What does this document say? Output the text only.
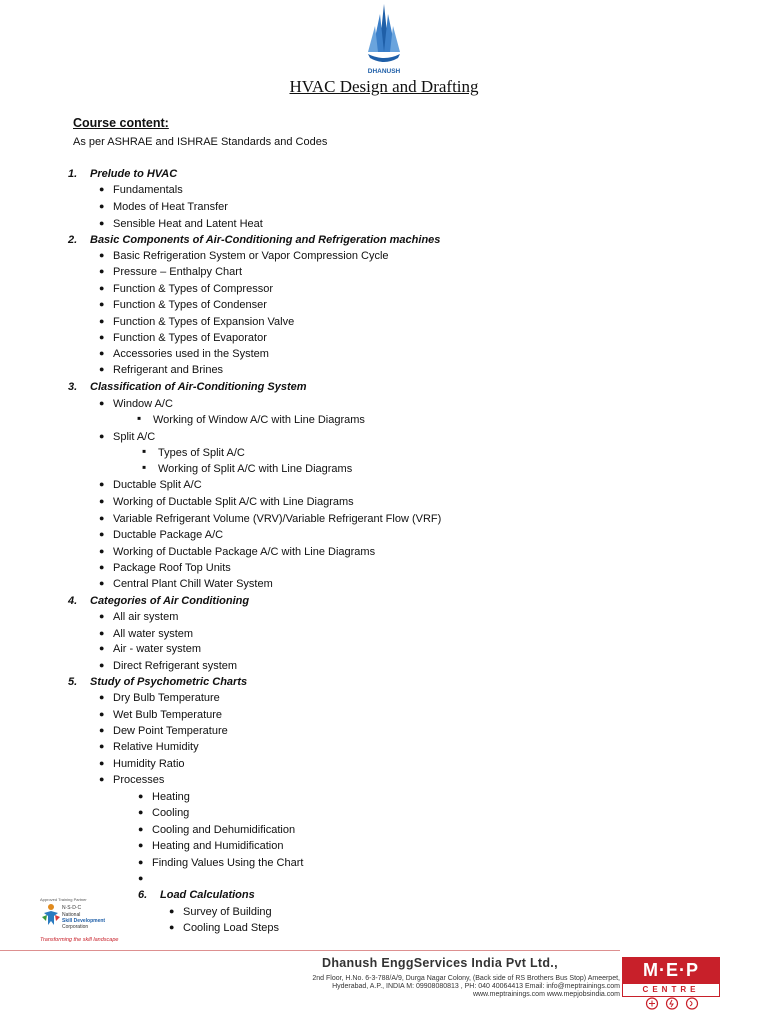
DHANUSH
HVAC Design and Drafting
Course content:
As per ASHRAE and ISHRAE Standards and Codes
1. Prelude to HVAC
● Fundamentals
● Modes of Heat Transfer
● Sensible Heat and Latent Heat
2. Basic Components of Air-Conditioning and Refrigeration machines
● Basic Refrigeration System or Vapor Compression Cycle
● Pressure – Enthalpy Chart
● Function & Types of Compressor
● Function & Types of Condenser
● Function & Types of Expansion Valve
● Function & Types of Evaporator
● Accessories used in the System
● Refrigerant and Brines
3. Classification of Air-Conditioning System
● Window A/C
▪ Working of Window A/C with Line Diagrams
● Split A/C
▪ Types of Split A/C
▪ Working of Split A/C with Line Diagrams
● Ductable Split A/C
● Working of Ductable Split A/C with Line Diagrams
● Variable Refrigerant Volume (VRV)/Variable Refrigerant Flow (VRF)
● Ductable Package A/C
● Working of Ductable Package A/C with Line Diagrams
● Package Roof Top Units
● Central Plant Chill Water System
4. Categories of Air Conditioning
● All air system
● All water system
● Air - water system
● Direct Refrigerant system
5. Study of Psychometric Charts
● Dry Bulb Temperature
● Wet Bulb Temperature
● Dew Point Temperature
● Relative Humidity
● Humidity Ratio
● Processes
● Heating
● Cooling
● Cooling and Dehumidification
● Heating and Humidification
● Finding Values Using the Chart
6. Load Calculations
● Survey of Building
● Cooling Load Steps
Approved Training Partner
N·S·D·C
National
Skill Development
Corporation
Transforming the skill landscape
Dhanush EnggServices India Pvt Ltd.,
2nd Floor, H.No. 6-3-788/A/9, Durga Nagar Colony, (Back side of RS Brothers Bus Stop) Ameerpet,
Hyderabad, A.P., INDIA M: 09908080813 , PH: 040 40064413 Email: info@meptrainings.com
www.meptrainings.com www.mepjobsindia.com
M·E·P
CENTRE
